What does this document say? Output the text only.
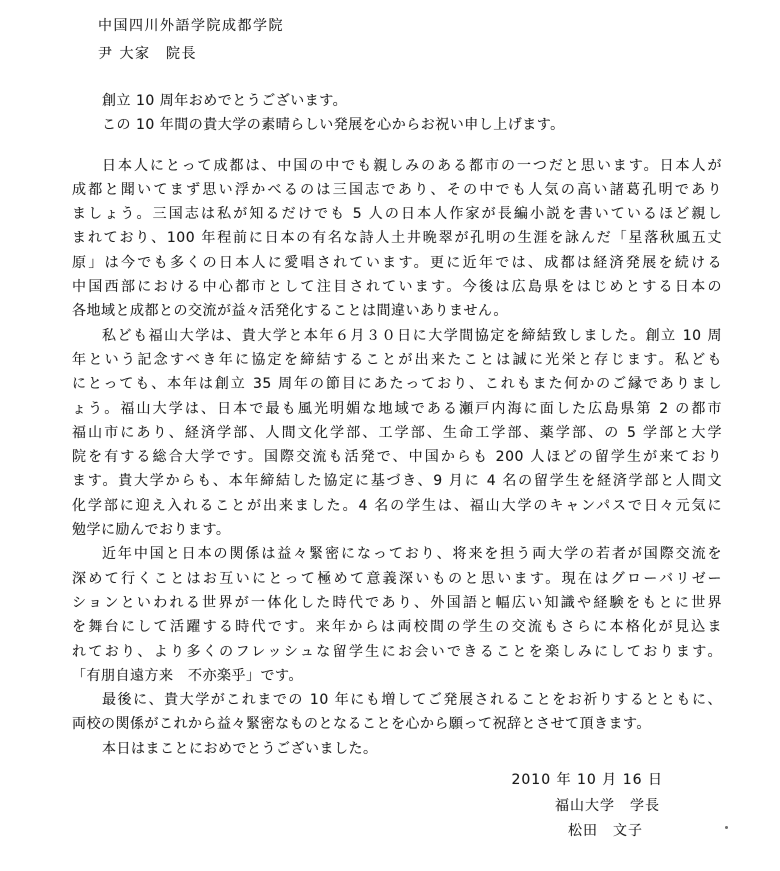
中国四川外語学院成都学院
尹 大家　院長
創立 10 周年おめでとうございます。
この 10 年間の貴大学の素晴らしい発展を心からお祝い申し上げます。
日本人にとって成都は、中国の中でも親しみのある都市の一つだと思います。日本人が
成都と聞いてまず思い浮かべるのは三国志であり、その中でも人気の高い諸葛孔明であり
ましょう。三国志は私が知るだけでも 5 人の日本人作家が長編小説を書いているほど親し
まれており、100 年程前に日本の有名な詩人土井晩翠が孔明の生涯を詠んだ「星落秋風五丈
原」は今でも多くの日本人に愛唱されています。更に近年では、成都は経済発展を続ける
中国西部における中心都市として注目されています。今後は広島県をはじめとする日本の
各地域と成都との交流が益々活発化することは間違いありません。
私ども福山大学は、貴大学と本年６月３０日に大学間協定を締結致しました。創立 10 周
年という記念すべき年に協定を締結することが出来たことは誠に光栄と存じます。私ども
にとっても、本年は創立 35 周年の節目にあたっており、これもまた何かのご縁でありまし
ょう。福山大学は、日本で最も風光明媚な地域である瀬戸内海に面した広島県第 2 の都市
福山市にあり、経済学部、人間文化学部、工学部、生命工学部、薬学部、の 5 学部と大学
院を有する総合大学です。国際交流も活発で、中国からも 200 人ほどの留学生が来ており
ます。貴大学からも、本年締結した協定に基づき、9 月に 4 名の留学生を経済学部と人間文
化学部に迎え入れることが出来ました。4 名の学生は、福山大学のキャンパスで日々元気に
勉学に励んでおります。
近年中国と日本の関係は益々緊密になっており、将来を担う両大学の若者が国際交流を
深めて行くことはお互いにとって極めて意義深いものと思います。現在はグローバリゼー
ションといわれる世界が一体化した時代であり、外国語と幅広い知識や経験をもとに世界
を舞台にして活躍する時代です。来年からは両校間の学生の交流もさらに本格化が見込ま
れており、より多くのフレッシュな留学生にお会いできることを楽しみにしております。
「有朋自遠方来　不亦楽乎」です。
最後に、貴大学がこれまでの 10 年にも増してご発展されることをお祈りするとともに、
両校の関係がこれから益々緊密なものとなることを心から願って祝辞とさせて頂きます。
本日はまことにおめでとうございました。
2010 年 10 月 16 日
福山大学　学長
松田　文子
